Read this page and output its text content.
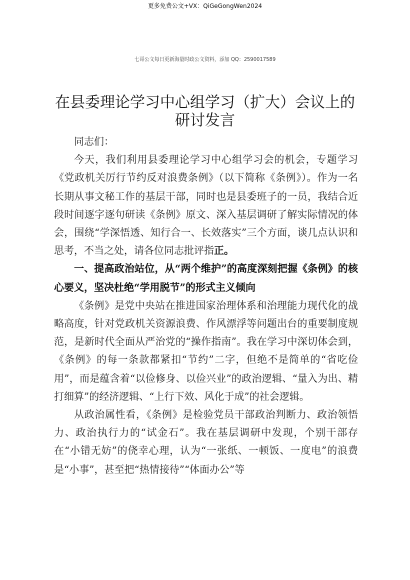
更多免费公文+VX：QiGeGongWen2024
七哥公文每日更新海量时政公文资料，添加 QQ：2590017589
在县委理论学习中心组学习（扩大）会议上的研讨发言

同志们：

今天，我们利用县委理论学习中心组学习会的机会，专题学习《党政机关厉行节约反对浪费条例》（以下简称《条例》）。作为一名长期从事文秘工作的基层干部，同时也是县委班子的一员，我结合近段时间逐字逐句研读《条例》原文、深入基层调研了解实际情况的体会，围绕“学深悟透、知行合一、长效落实”三个方面，谈几点认识和思考，不当之处，请各位同志批评指正。

一、提高政治站位，从“两个维护”的高度深刻把握《条例》的核心要义，坚决杜绝“学用脱节”的形式主义倾向

《条例》是党中央站在推进国家治理体系和治理能力现代化的战略高度，针对党政机关资源浪费、作风漂浮等问题出台的重要制度规范，是新时代全面从严治党的“操作指南”。我在学习中深切体会到，《条例》的每一条款都紧扣“节约”二字，但绝不是简单的“省吃俭用”，而是蕴含着“以俭修身、以俭兴业”的政治逻辑、“量入为出、精打细算”的经济逻辑、“上行下效、风化于成”的社会逻辑。

从政治属性看，《条例》是检验党员干部政治判断力、政治领悟力、政治执行力的“试金石”。我在基层调研中发现，个别干部存在“小错无妨”的侥幸心理，认为“一张纸、一顿饭、一度电”的浪费是“小事”，甚至把“热情接待”“体面办公”等
